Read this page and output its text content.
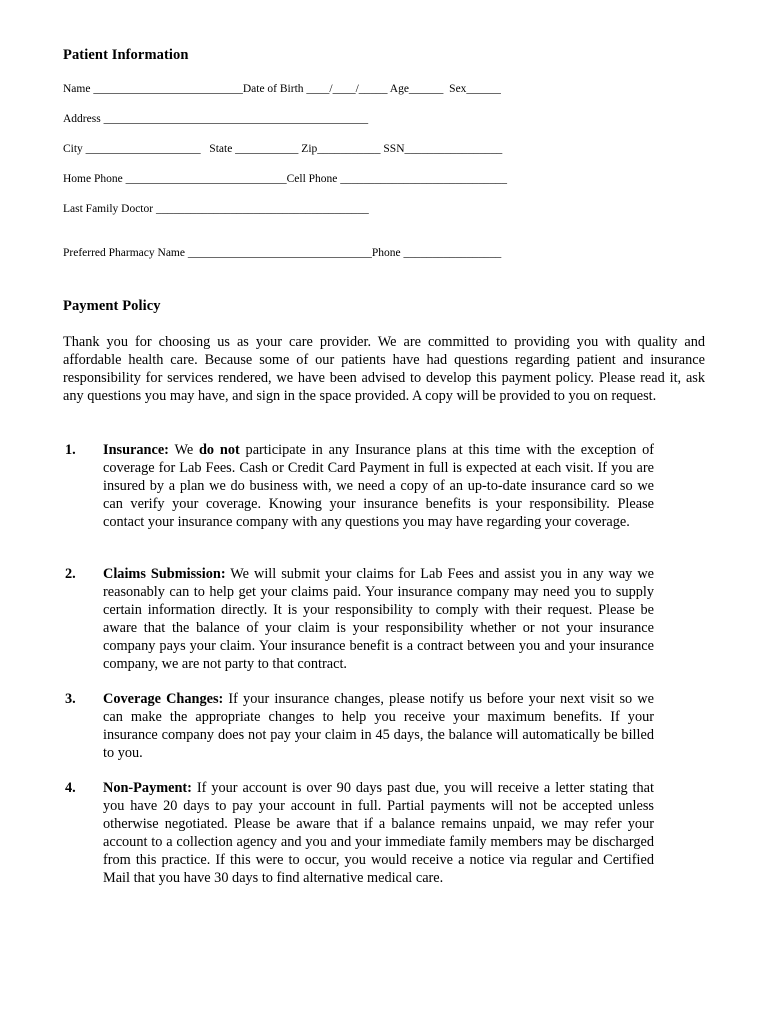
Patient Information
Name __________________________Date of Birth ____/____/_____ Age______  Sex______
Address ______________________________________________
City ____________________   State ___________ Zip___________ SSN_________________
Home Phone ____________________________Cell Phone _____________________________
Last Family Doctor _____________________________________
Preferred Pharmacy Name ________________________________Phone _________________
Payment Policy

Thank you for choosing us as your care provider. We are committed to providing you with quality and affordable health care. Because some of our patients have had questions regarding patient and insurance responsibility for services rendered, we have been advised to develop this payment policy. Please read it, ask any questions you may have, and sign in the space provided. A copy will be provided to you on request.

1. Insurance: We do not participate in any Insurance plans at this time with the exception of coverage for Lab Fees. Cash or Credit Card Payment in full is expected at each visit. If you are insured by a plan we do business with, we need a copy of an up-to-date insurance card so we can verify your coverage. Knowing your insurance benefits is your responsibility. Please contact your insurance company with any questions you may have regarding your coverage.

2. Claims Submission: We will submit your claims for Lab Fees and assist you in any way we reasonably can to help get your claims paid. Your insurance company may need you to supply certain information directly. It is your responsibility to comply with their request. Please be aware that the balance of your claim is your responsibility whether or not your insurance company pays your claim. Your insurance benefit is a contract between you and your insurance company, we are not party to that contract.

3. Coverage Changes: If your insurance changes, please notify us before your next visit so we can make the appropriate changes to help you receive your maximum benefits. If your insurance company does not pay your claim in 45 days, the balance will automatically be billed to you.

4. Non-Payment: If your account is over 90 days past due, you will receive a letter stating that you have 20 days to pay your account in full. Partial payments will not be accepted unless otherwise negotiated. Please be aware that if a balance remains unpaid, we may refer your account to a collection agency and you and your immediate family members may be discharged from this practice. If this were to occur, you would receive a notice via regular and Certified Mail that you have 30 days to find alternative medical care.
